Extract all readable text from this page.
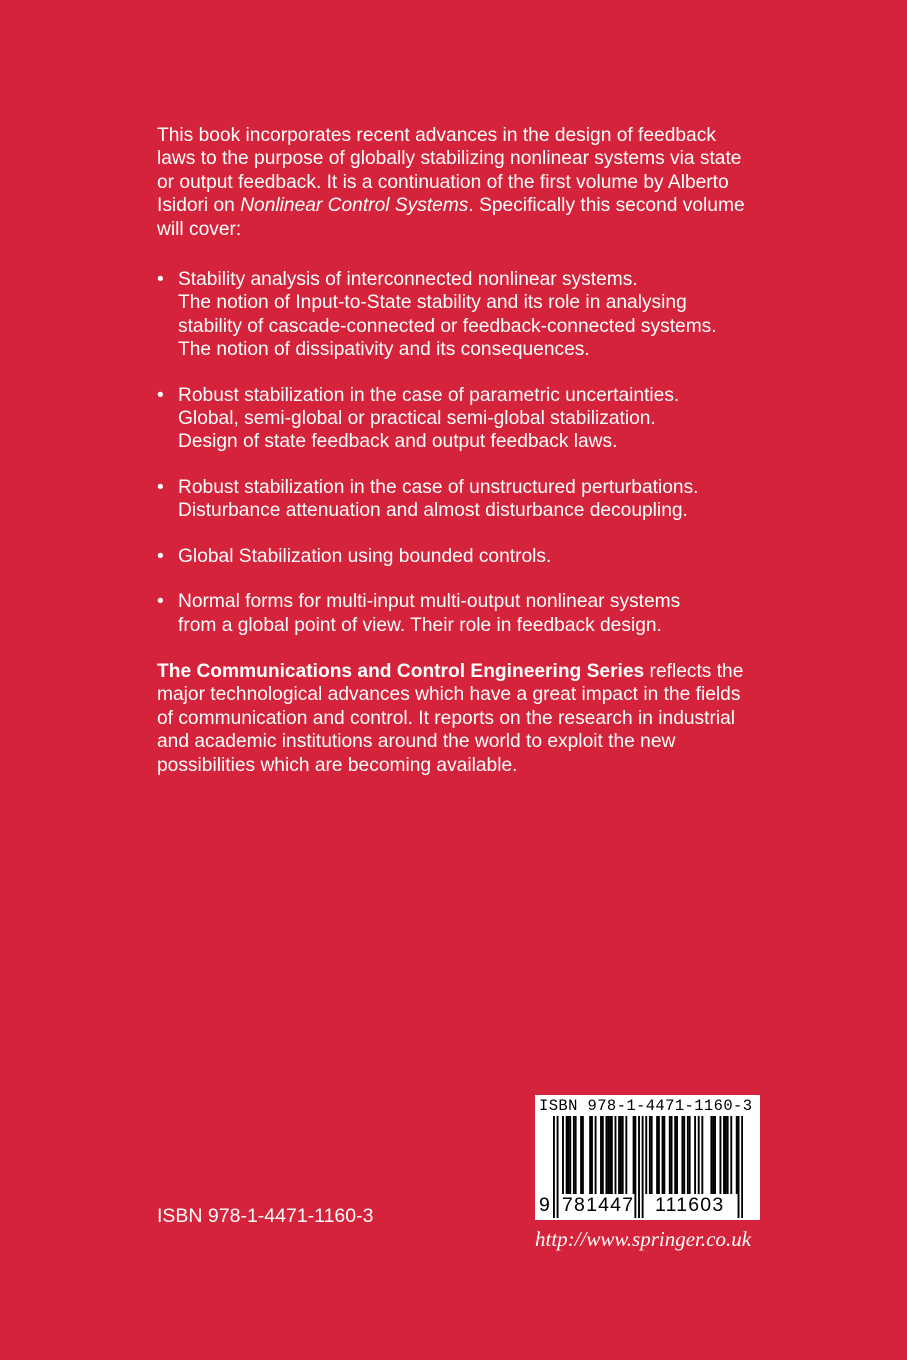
This book incorporates recent advances in the design of feedback laws to the purpose of globally stabilizing nonlinear systems via state or output feedback. It is a continuation of the first volume by Alberto Isidori on Nonlinear Control Systems. Specifically this second volume will cover:

• Stability analysis of interconnected nonlinear systems.
The notion of Input-to-State stability and its role in analysing
stability of cascade-connected or feedback-connected systems.
The notion of dissipativity and its consequences.
• Robust stabilization in the case of parametric uncertainties.
Global, semi-global or practical semi-global stabilization.
Design of state feedback and output feedback laws.
• Robust stabilization in the case of unstructured perturbations.
Disturbance attenuation and almost disturbance decoupling.
• Global Stabilization using bounded controls.
• Normal forms for multi-input multi-output nonlinear systems
from a global point of view. Their role in feedback design.

The Communications and Control Engineering Series reflects the major technological advances which have a great impact in the fields of communication and control. It reports on the research in industrial and academic institutions around the world to exploit the new possibilities which are becoming available.

ISBN 978-1-4471-1160-3
ISBN 978-1-4471-1160-3
9 781447 111603
http://www.springer.co.uk
